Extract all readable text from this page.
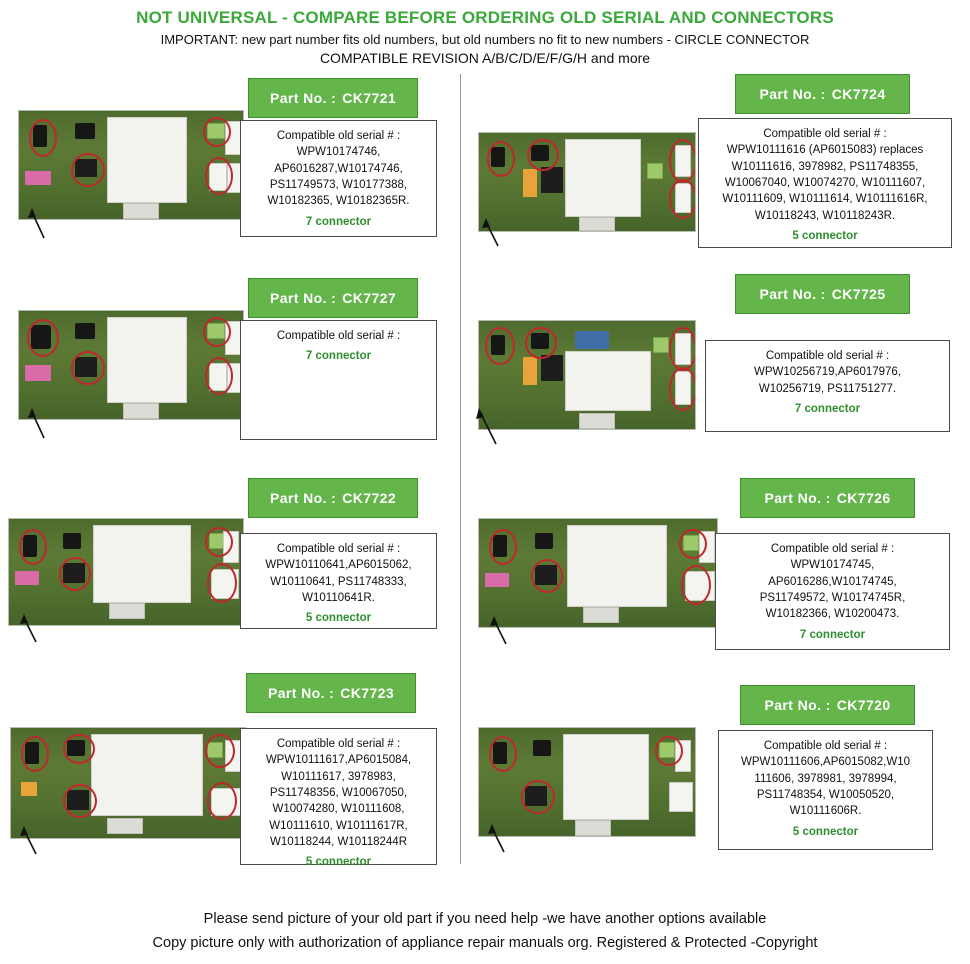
NOT UNIVERSAL - COMPARE BEFORE ORDERING OLD SERIAL AND CONNECTORS
IMPORTANT: new part number fits old numbers, but old numbers no fit to new numbers - CIRCLE CONNECTOR
COMPATIBLE REVISION A/B/C/D/E/F/G/H and more
Part No. : CK7721
Compatible old serial # :
WPW10174746,
AP6016287,W10174746,
PS11749573, W10177388,
W10182365, W10182365R.
7 connector
Part No. : CK7724
Compatible old serial # :
WPW10111616 (AP6015083) replaces
W10111616, 3978982, PS11748355,
W10067040, W10074270, W10111607,
W10111609, W10111614, W10111616R,
W10118243, W10118243R.
5 connector
Part No. : CK7727
Compatible old serial # :
7 connector
Part No. : CK7725
Compatible old serial # :
WPW10256719,AP6017976,
W10256719, PS11751277.
7 connector
Part No. : CK7722
Compatible old serial # :
WPW10110641,AP6015062,
W10110641, PS11748333,
W10110641R.
5 connector
Part No. : CK7726
Compatible old serial # :
WPW10174745,
AP6016286,W10174745,
PS11749572, W10174745R,
W10182366, W10200473.
7 connector
Part No. : CK7723
Compatible old serial # :
WPW10111617,AP6015084,
W10111617, 3978983,
PS11748356, W10067050,
W10074280, W10111608,
W10111610, W10111617R,
W10118244, W10118244R
5 connector
Part No. : CK7720
Compatible old serial # :
WPW10111606,AP6015082,W10
111606, 3978981, 3978994,
PS11748354, W10050520,
W10111606R.
5 connector
Please send picture of your old part if you need help -we have another options available
Copy picture only with authorization of appliance repair manuals org. Registered & Protected -Copyright
